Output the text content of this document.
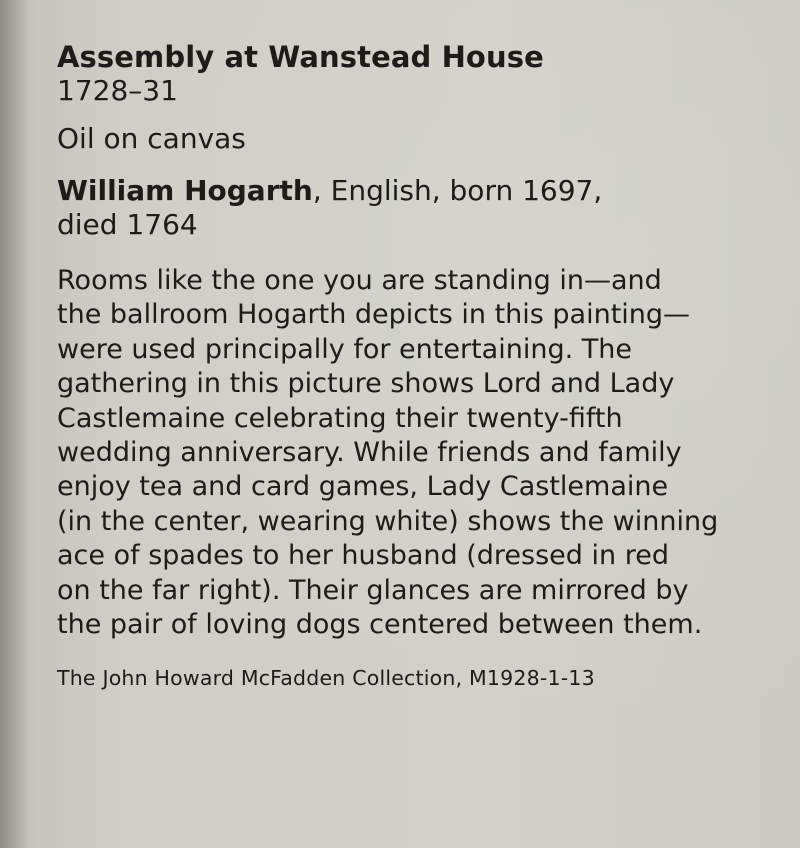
Assembly at Wanstead House

1728–31

Oil on canvas

William Hogarth, English, born 1697,
died 1764

Rooms like the one you are standing in—and
the ballroom Hogarth depicts in this painting—
were used principally for entertaining. The
gathering in this picture shows Lord and Lady
Castlemaine celebrating their twenty-fifth
wedding anniversary. While friends and family
enjoy tea and card games, Lady Castlemaine
(in the center, wearing white) shows the winning
ace of spades to her husband (dressed in red
on the far right). Their glances are mirrored by
the pair of loving dogs centered between them.

The John Howard McFadden Collection, M1928-1-13
